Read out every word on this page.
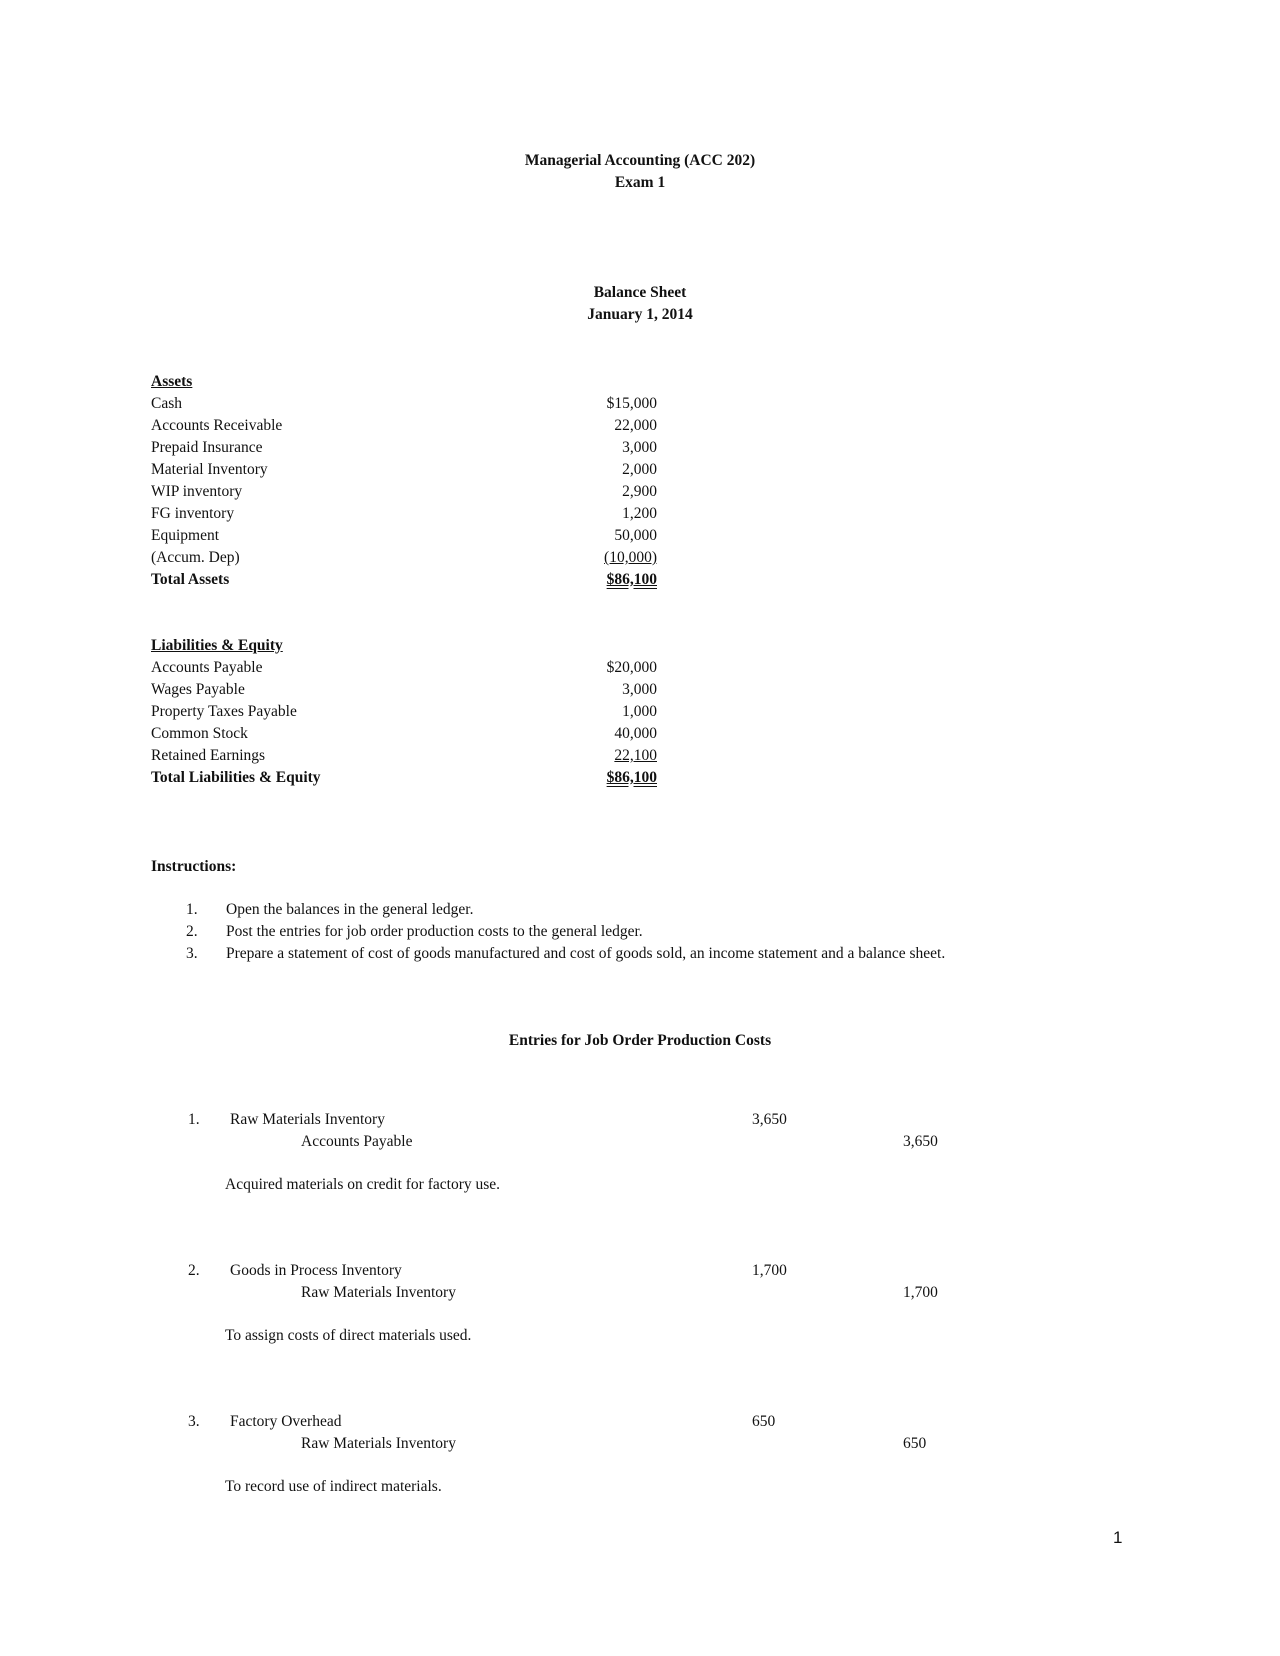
Managerial Accounting (ACC 202)
Exam 1
Balance Sheet
January 1, 2014
Assets
Cash	$15,000
Accounts Receivable	22,000
Prepaid Insurance	3,000
Material Inventory	2,000
WIP inventory	2,900
FG inventory	1,200
Equipment	50,000
(Accum. Dep)	(10,000)
Total Assets	$86,100
Liabilities & Equity
Accounts Payable	$20,000
Wages Payable	3,000
Property Taxes Payable	1,000
Common Stock	40,000
Retained Earnings	22,100
Total Liabilities & Equity	$86,100
Instructions:
1. Open the balances in the general ledger.
2. Post the entries for job order production costs to the general ledger.
3. Prepare a statement of cost of goods manufactured and cost of goods sold, an income statement and a balance sheet.
Entries for Job Order Production Costs
1. Raw Materials Inventory	3,650
Accounts Payable	3,650
Acquired materials on credit for factory use.
2. Goods in Process Inventory	1,700
Raw Materials Inventory	1,700
To assign costs of direct materials used.
3. Factory Overhead	650
Raw Materials Inventory	650
To record use of indirect materials.
1
